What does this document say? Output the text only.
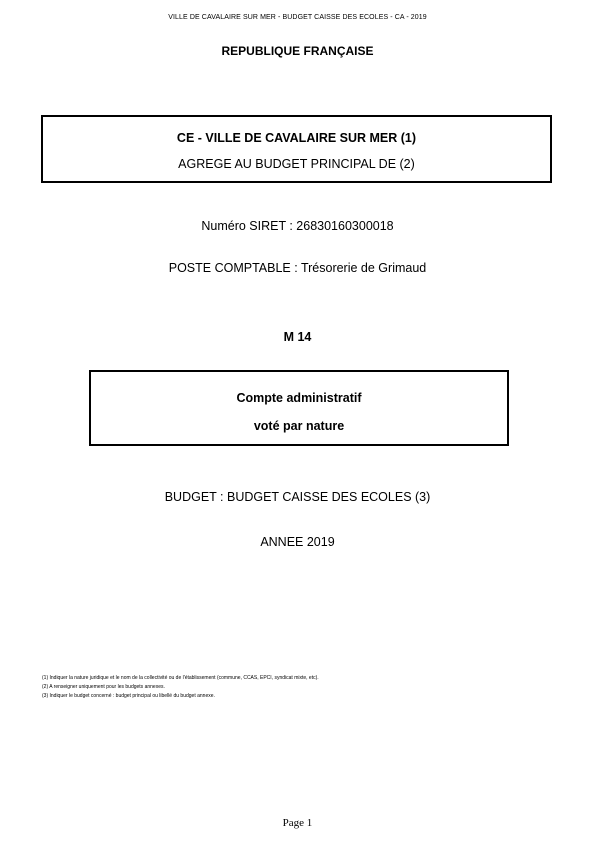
VILLE DE CAVALAIRE SUR MER - BUDGET CAISSE DES ECOLES - CA - 2019
REPUBLIQUE FRANÇAISE
CE - VILLE DE CAVALAIRE SUR MER (1)
AGREGE AU BUDGET PRINCIPAL DE (2)
Numéro SIRET : 26830160300018
POSTE COMPTABLE : Trésorerie de Grimaud
M 14
Compte administratif
voté par nature
BUDGET : BUDGET CAISSE DES ECOLES (3)
ANNEE 2019
(1) Indiquer la nature juridique et le nom de la collectivité ou de l'établissement (commune, CCAS, EPCI, syndicat mixte, etc).
(2) A renseigner uniquement pour les budgets annexes.
(3) Indiquer le budget concerné : budget principal ou libellé du budget annexe.
Page 1
